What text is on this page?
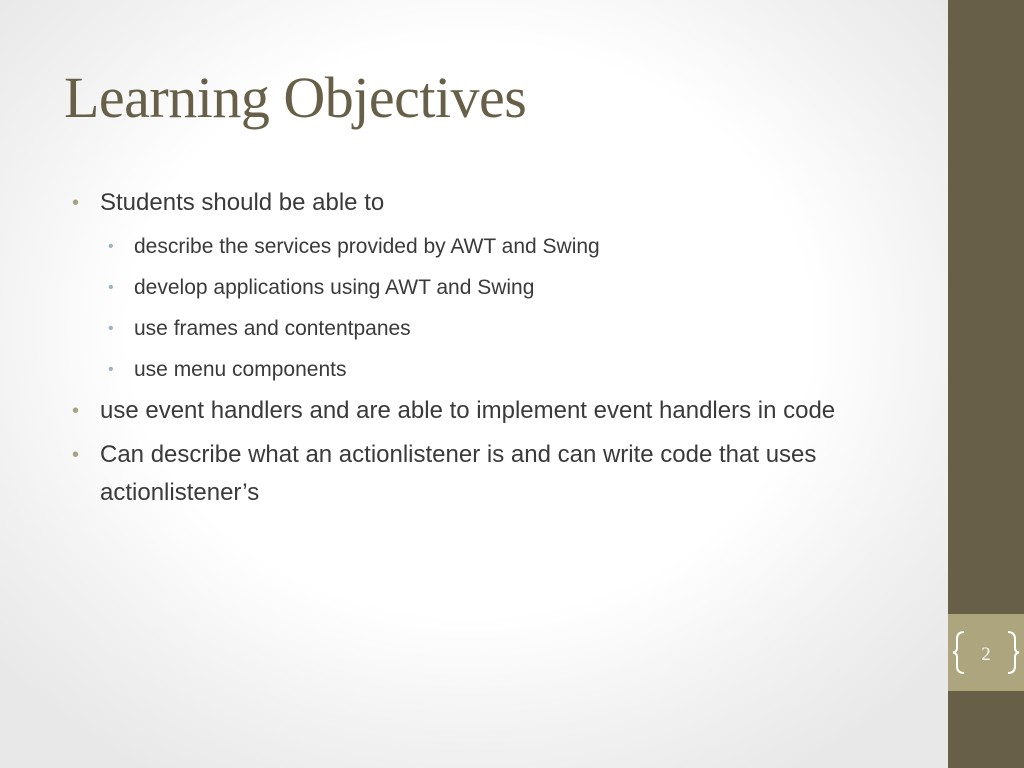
Learning Objectives
• Students should be able to
• describe the services provided by AWT and Swing
• develop applications using AWT and Swing
• use frames and contentpanes
• use menu components
• use event handlers and are able to implement event handlers in code
• Can describe what an actionlistener is and can write code that uses actionlistener’s
2
